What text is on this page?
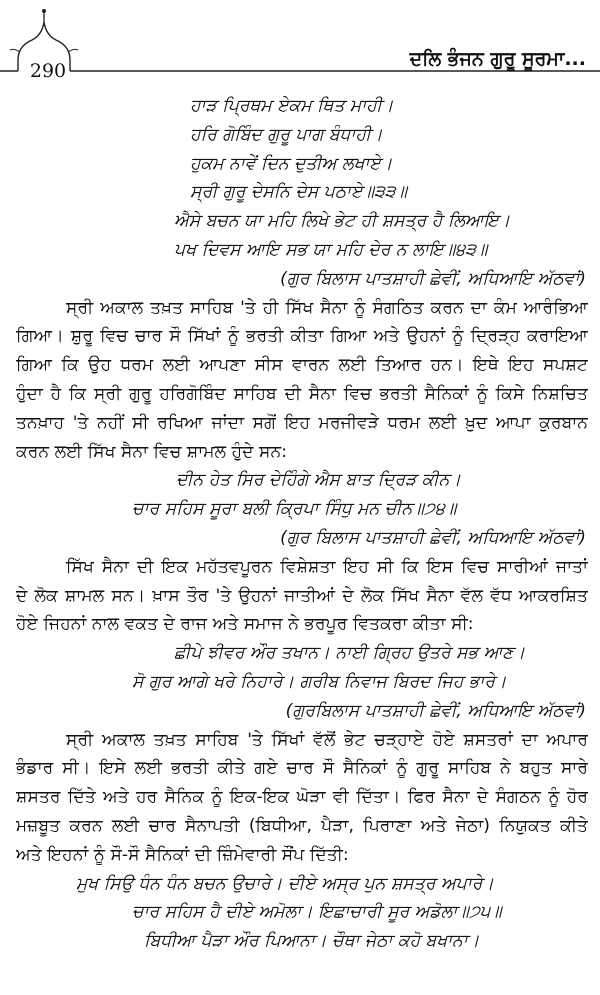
290
ਦਲਿ ਭੰਜਨ ਗੁਰੂ ਸੂਰਮਾ...
ਹਾੜ ਪ੍ਰਿਥਮ ਏਕਮ ਥਿਤ ਮਾਹੀ।
ਹਰਿ ਗੋਬਿੰਦ ਗੁਰੂ ਪਾਗ ਬੰਧਾਹੀ।
ਹੁਕਮ ਨਾਵੇਂ ਦਿਨ ਦੁਤੀਅ ਲਖਾਏ।
ਸ੍ਰੀ ਗੁਰੂ ਦੇਸਨਿ ਦੇਸ ਪਠਾਏ॥੩੩॥
ਐਸੇ ਬਚਨ ਯਾ ਮਹਿ ਲਿਖੇ ਭੇਟ ਹੀ ਸ਼ਸਤ੍ਰ ਹੈ ਲਿਆਇ।
ਪਖ ਦਿਵਸ ਆਇ ਸਭ ਯਾ ਮਹਿ ਦੇਰ ਨ ਲਾਇ॥੪੩॥
(ਗੁਰ ਬਿਲਾਸ ਪਾਤਸ਼ਾਹੀ ਛੇਵੀਂ, ਅਧਿਆਇ ਅੱਠਵਾਂ)
ਸ੍ਰੀ ਅਕਾਲ ਤਖ਼ਤ ਸਾਹਿਬ 'ਤੇ ਹੀ ਸਿੱਖ ਸੈਨਾ ਨੂੰ ਸੰਗਠਿਤ ਕਰਨ ਦਾ ਕੰਮ ਆਰੰਭਿਆ
ਗਿਆ। ਸ਼ੁਰੂ ਵਿਚ ਚਾਰ ਸੌ ਸਿੱਖਾਂ ਨੂੰ ਭਰਤੀ ਕੀਤਾ ਗਿਆ ਅਤੇ ਉਹਨਾਂ ਨੂੰ ਦ੍ਰਿੜ੍ਹ ਕਰਾਇਆ
ਗਿਆ ਕਿ ਉਹ ਧਰਮ ਲਈ ਆਪਣਾ ਸੀਸ ਵਾਰਨ ਲਈ ਤਿਆਰ ਹਨ। ਇਥੇ ਇਹ ਸਪਸ਼ਟ
ਹੁੰਦਾ ਹੈ ਕਿ ਸ੍ਰੀ ਗੁਰੂ ਹਰਿਗੋਬਿੰਦ ਸਾਹਿਬ ਦੀ ਸੈਨਾ ਵਿਚ ਭਰਤੀ ਸੈਨਿਕਾਂ ਨੂੰ ਕਿਸੇ ਨਿਸ਼ਚਿਤ
ਤਨਖ਼ਾਹ 'ਤੇ ਨਹੀਂ ਸੀ ਰਖਿਆ ਜਾਂਦਾ ਸਗੋਂ ਇਹ ਮਰਜੀਵੜੇ ਧਰਮ ਲਈ ਖ਼ੁਦ ਆਪਾ ਕੁਰਬਾਨ
ਕਰਨ ਲਈ ਸਿੱਖ ਸੈਨਾ ਵਿਚ ਸ਼ਾਮਲ ਹੁੰਦੇ ਸਨ:
ਦੀਨ ਹੇਤ ਸਿਰ ਦੇਹਿੰਗੇ ਐਸ ਬਾਤ ਦ੍ਰਿੜ ਕੀਨ।
ਚਾਰ ਸਹਿਸ ਸੂਰਾ ਬਲੀ ਕ੍ਰਿਪਾ ਸਿੰਧੁ ਮਨ ਚੀਨ॥੭੪॥
(ਗੁਰ ਬਿਲਾਸ ਪਾਤਸ਼ਾਹੀ ਛੇਵੀਂ, ਅਧਿਆਇ ਅੱਠਵਾਂ)
ਸਿੱਖ ਸੈਨਾ ਦੀ ਇਕ ਮਹੱਤਵਪੂਰਨ ਵਿਸ਼ੇਸ਼ਤਾ ਇਹ ਸੀ ਕਿ ਇਸ ਵਿਚ ਸਾਰੀਆਂ ਜਾਤਾਂ
ਦੇ ਲੋਕ ਸ਼ਾਮਲ ਸਨ। ਖ਼ਾਸ ਤੌਰ 'ਤੇ ਉਹਨਾਂ ਜਾਤੀਆਂ ਦੇ ਲੋਕ ਸਿੱਖ ਸੈਨਾ ਵੱਲ ਵੱਧ ਆਕਰਸ਼ਿਤ
ਹੋਏ ਜਿਹਨਾਂ ਨਾਲ ਵਕਤ ਦੇ ਰਾਜ ਅਤੇ ਸਮਾਜ ਨੇ ਭਰਪੂਰ ਵਿਤਕਰਾ ਕੀਤਾ ਸੀ:
ਛੀਪੇ ਝੀਵਰ ਔਰ ਤਖਾਨ। ਨਾਈ ਗ੍ਰਿਹ ਉਤਰੇ ਸਭ ਆਣ।
ਸੋ ਗੁਰ ਆਗੇ ਖਰੇ ਨਿਹਾਰੇ। ਗਰੀਬ ਨਿਵਾਜ ਬਿਰਦ ਜਿਹ ਭਾਰੇ।
(ਗੁਰਬਿਲਾਸ ਪਾਤਸ਼ਾਹੀ ਛੇਵੀਂ, ਅਧਿਆਇ ਅੱਠਵਾਂ)
ਸ੍ਰੀ ਅਕਾਲ ਤਖ਼ਤ ਸਾਹਿਬ 'ਤੇ ਸਿੱਖਾਂ ਵੱਲੋਂ ਭੇਟ ਚੜ੍ਹਾਏ ਹੋਏ ਸ਼ਸਤਰਾਂ ਦਾ ਅਪਾਰ
ਭੰਡਾਰ ਸੀ। ਇਸੇ ਲਈ ਭਰਤੀ ਕੀਤੇ ਗਏ ਚਾਰ ਸੌ ਸੈਨਿਕਾਂ ਨੂੰ ਗੁਰੂ ਸਾਹਿਬ ਨੇ ਬਹੁਤ ਸਾਰੇ
ਸ਼ਸਤਰ ਦਿੱਤੇ ਅਤੇ ਹਰ ਸੈਨਿਕ ਨੂੰ ਇਕ-ਇਕ ਘੋੜਾ ਵੀ ਦਿੱਤਾ। ਫਿਰ ਸੈਨਾ ਦੇ ਸੰਗਠਨ ਨੂੰ ਹੋਰ
ਮਜ਼ਬੂਤ ਕਰਨ ਲਈ ਚਾਰ ਸੈਨਾਪਤੀ (ਬਿਧੀਆ, ਪੈੜਾ, ਪਿਰਾਣਾ ਅਤੇ ਜੇਠਾ) ਨਿਯੁਕਤ ਕੀਤੇ
ਅਤੇ ਇਹਨਾਂ ਨੂੰ ਸੌ-ਸੌ ਸੈਨਿਕਾਂ ਦੀ ਜ਼ਿੰਮੇਵਾਰੀ ਸੌਂਪ ਦਿੱਤੀ:
ਮੁਖ ਸਿਉ ਧੰਨ ਧੰਨ ਬਚਨ ਉਚਾਰੇ। ਦੀਏ ਅਸ੍ਰ ਪੁਨ ਸ਼ਸਤ੍ਰ ਅਪਾਰੇ।
ਚਾਰ ਸਹਿਸ ਹੈ ਦੀਏ ਅਮੋਲਾ। ਇਛਾਚਾਰੀ ਸੂਰ ਅਡੋਲਾ॥੭੫॥
ਬਿਧੀਆ ਪੈੜਾ ਔਰ ਪਿਆਨਾ। ਚੌਥਾ ਜੇਠਾ ਕਹੋ ਬਖਾਨਾ।
